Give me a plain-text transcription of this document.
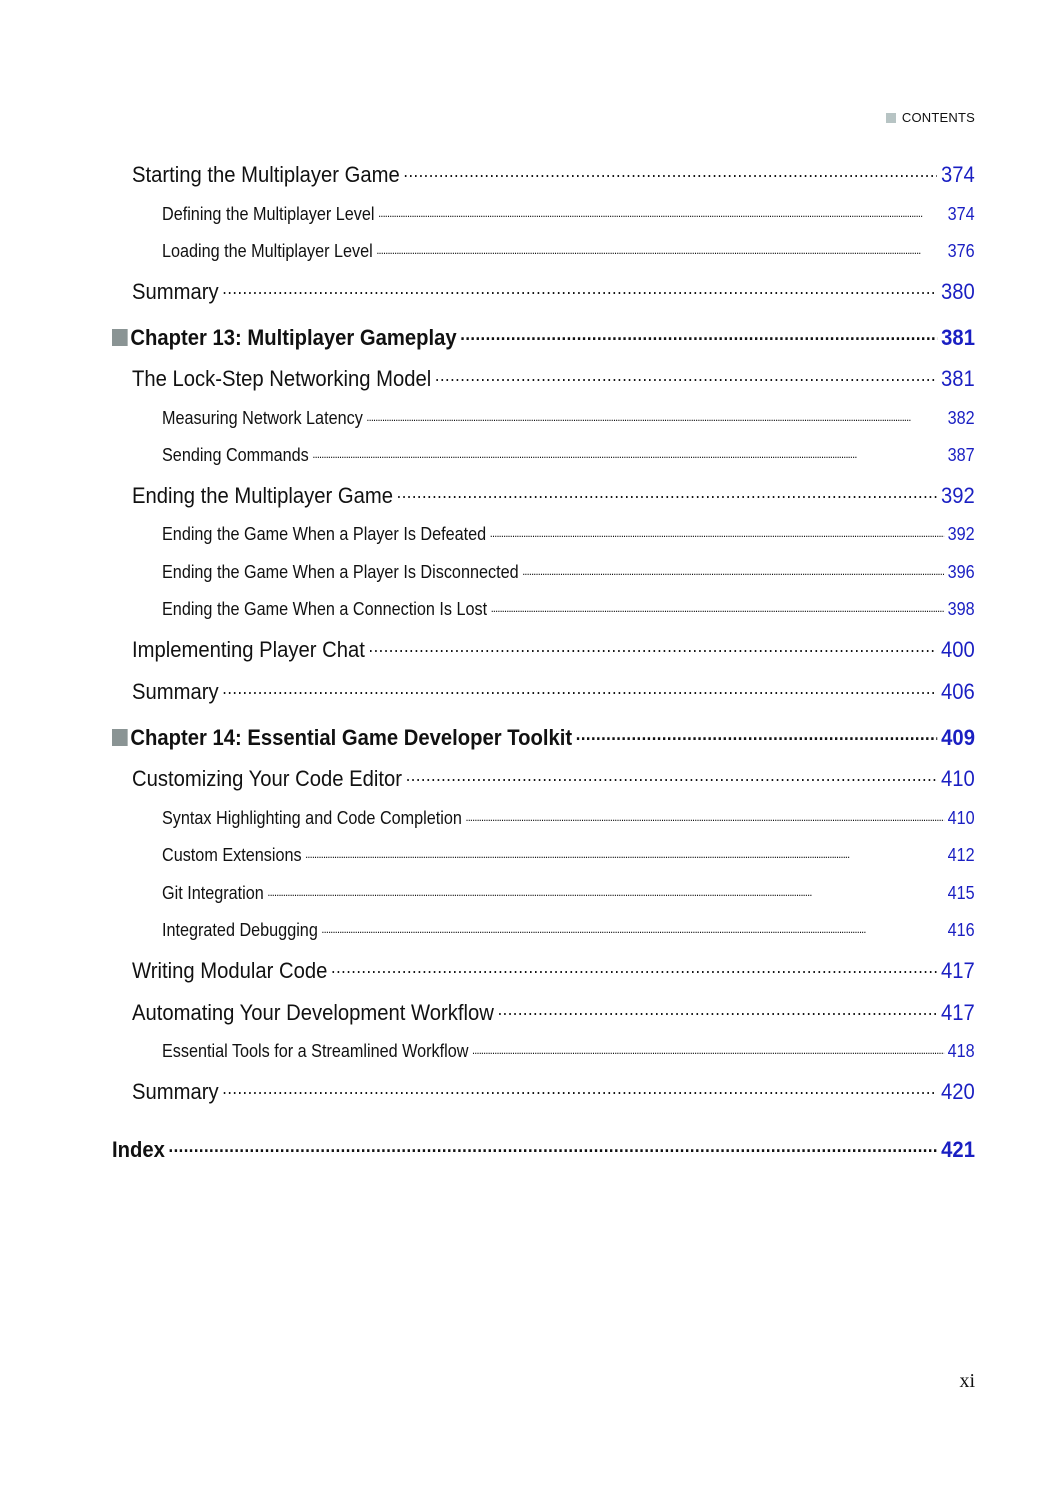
CONTENTS
Starting the Multiplayer Game . . .	374
Defining the Multiplayer Level . . .	374
Loading the Multiplayer Level . . .	376
Summary . . .	380
Chapter 13: Multiplayer Gameplay . . .	381
The Lock-Step Networking Model . . .	381
Measuring Network Latency . . .	382
Sending Commands . . .	387
Ending the Multiplayer Game . . .	392
Ending the Game When a Player Is Defeated . . .	392
Ending the Game When a Player Is Disconnected . . .	396
Ending the Game When a Connection Is Lost . . .	398
Implementing Player Chat . . .	400
Summary . . .	406
Chapter 14: Essential Game Developer Toolkit . . .	409
Customizing Your Code Editor . . .	410
Syntax Highlighting and Code Completion . . .	410
Custom Extensions . . .	412
Git Integration . . .	415
Integrated Debugging . . .	416
Writing Modular Code . . .	417
Automating Your Development Workflow . . .	417
Essential Tools for a Streamlined Workflow . . .	418
Summary . . .	420
Index . . .	421
xi
